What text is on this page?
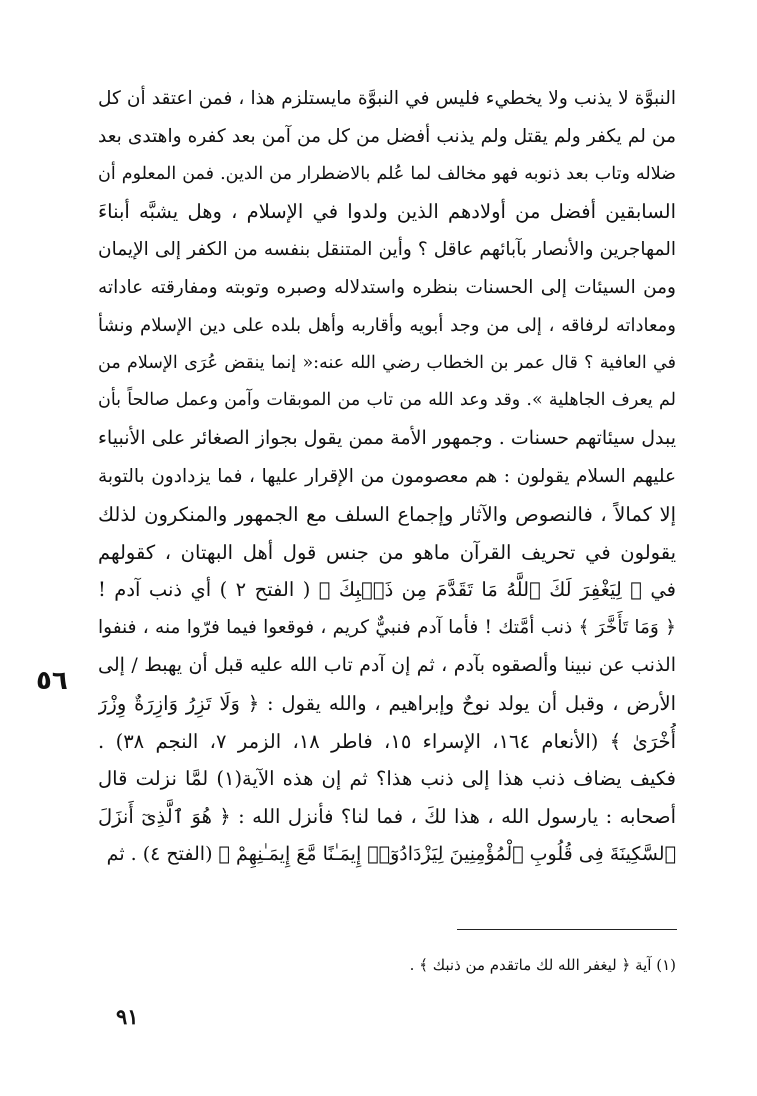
النبوَّة لا يذنب ولا يخطيء فليس في النبوَّة مايستلزم هذا ، فمن اعتقد أن كل
من لم يكفر ولم يقتل ولم يذنب أفضل من كل من آمن بعد كفره واهتدى بعد
ضلاله وتاب بعد ذنوبه فهو مخالف لما عُلم بالاضطرار من الدين. فمن المعلوم أن
السابقين أفضل من أولادهم الذين ولدوا في الإسلام ، وهل يشبَّه أبناءَ
المهاجرين والأنصار بآبائهم عاقل ؟ وأين المتنقل بنفسه من الكفر إلى الإيمان
ومن السيئات إلى الحسنات بنظره واستدلاله وصبره وتوبته ومفارقته عاداته
ومعاداته لرفاقه ، إلى من وجد أبويه وأقاربه وأهل بلده على دين الإسلام ونشأ
في العافية ؟ قال عمر بن الخطاب رضي الله عنه:« إنما ينقض عُرَى الإسلام من
لم يعرف الجاهلية ». وقد وعد الله من تاب من الموبقات وآمن وعمل صالحاً بأن
يبدل سيئاتهم حسنات . وجمهور الأمة ممن يقول بجواز الصغائر على الأنبياء
عليهم السلام يقولون : هم معصومون من الإقرار عليها ، فما يزدادون بالتوبة
إلا كمالاً ، فالنصوص والآثار وإجماع السلف مع الجمهور والمنكرون لذلك
يقولون في تحريف القرآن ماهو من جنس قول أهل البهتان ، كقولهم
في ﴿ لِيَغْفِرَ لَكَ ٱللَّهُ مَا تَقَدَّمَ مِن ذَنۢبِكَ ﴾ ( الفتح ٢ ) أي ذنب آدم !
﴿ وَمَا تَأَخَّرَ ﴾ ذنب أمَّتك ! فأما آدم فنبيٌّ كريم ، فوقعوا فيما فرّوا منه ، فنفوا
الذنب عن نبينا وألصقوه بآدم ، ثم إن آدم تاب الله عليه قبل أن يهبط / إلى
الأرض ، وقبل أن يولد نوحٌ وإبراهيم ، والله يقول : ﴿ وَلَا تَزِرُ وَازِرَةٌ وِزْرَ
أُخْرَىٰ ﴾ (الأنعام ١٦٤، الإسراء ١٥، فاطر ١٨، الزمر ٧، النجم ٣٨) .
فكيف يضاف ذنب هذا إلى ذنب هذا؟ ثم إن هذه الآية(١) لمَّا نزلت قال
أصحابه : يارسول الله ، هذا لكَ ، فما لنا؟ فأنزل الله : ﴿ هُوَ ٱلَّذِىٓ أَنزَلَ
ٱلسَّكِينَةَ فِى قُلُوبِ ٱلْمُؤْمِنِينَ لِيَزْدَادُوٓا۟ إِيمَـٰنًا مَّعَ إِيمَـٰنِهِمْ ﴾ (الفتح ٤) . ثم
٥٦
(١) آية ﴿ ليغفر الله لك ماتقدم من ذنبك ﴾ .
٩١
